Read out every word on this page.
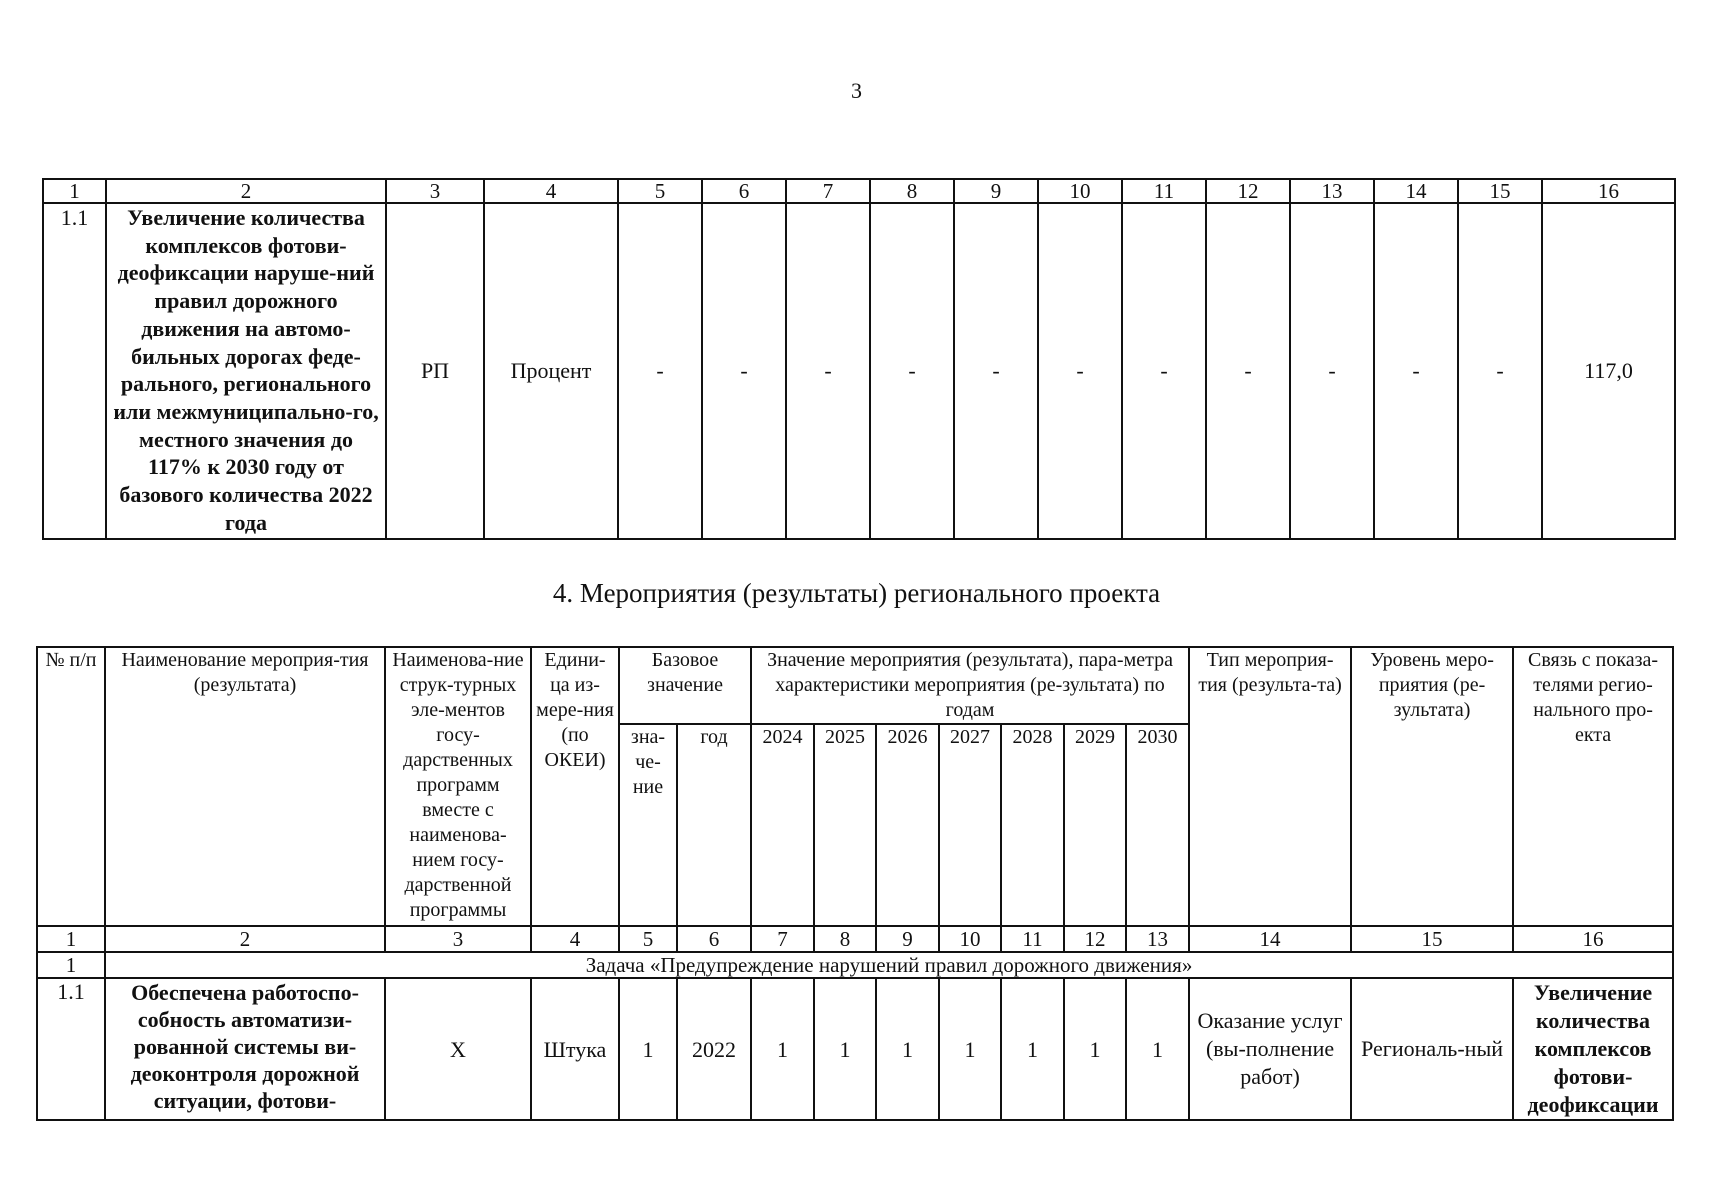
3
1	2	3	4	5	6	7	8	9	10	11	12	13	14	15	16
1.1	Увеличение количества комплексов фотови-деофиксации наруше-ний правил дорожного движения на автомо-бильных дорогах феде-рального, регионального или межмуниципально-го, местного значения до 117% к 2030 году от базового количества 2022 года	РП	Процент	-	-	-	-	-	-	-	-	-	-	-	117,0
4. Мероприятия (результаты) регионального проекта
№ п/п	Наименование мероприя-тия (результата)	Наименова-ние струк-турных эле-ментов госу-дарственных программ вместе с наименова-нием госу-дарственной программы	Едини-ца из-мере-ния (по ОКЕИ)	Базовое значение		Значение мероприятия (результата), пара-метра характеристики мероприятия (ре-зультата) по годам							Тип мероприя-тия (результа-та)	Уровень меро-приятия (ре-зультата)	Связь с показа-телями регио-нального про-екта
				зна-че-ние	год	2024	2025	2026	2027	2028	2029	2030			
1	2	3	4	5	6	7	8	9	10	11	12	13	14	15	16
1	Задача «Предупреждение нарушений правил дорожного движения»														
1.1	Обеспечена работоспо-собность автоматизи-рованной системы ви-деоконтроля дорожной ситуации, фотови-	Х	Штука	1	2022	1	1	1	1	1	1	1	Оказание услуг (вы-полнение работ)	Региональ-ный	Увеличение количества комплексов фотови-деофиксации
